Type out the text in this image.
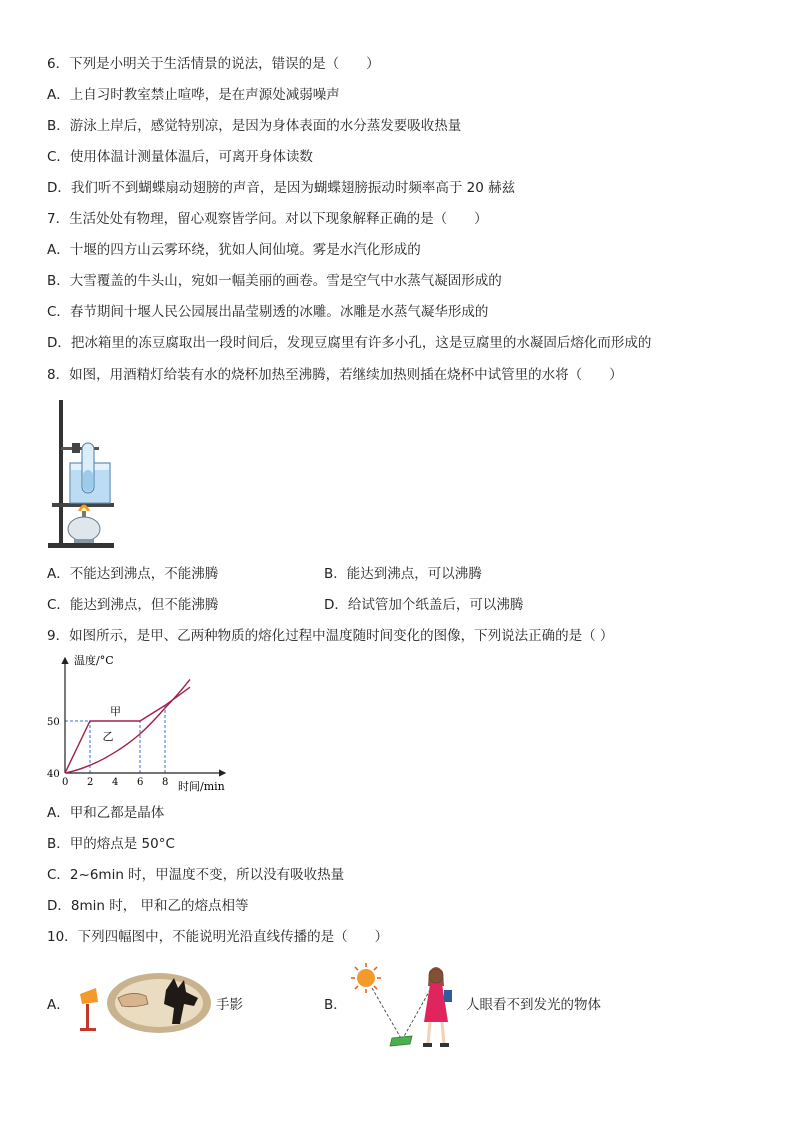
6．下列是小明关于生活情景的说法，错误的是（　　）
A．上自习时教室禁止喧哗，是在声源处减弱噪声
B．游泳上岸后，感觉特别凉，是因为身体表面的水分蒸发要吸收热量
C．使用体温计测量体温后，可离开身体读数
D．我们听不到蝴蝶扇动翅膀的声音，是因为蝴蝶翅膀振动时频率高于 20 赫兹
7．生活处处有物理，留心观察皆学问。对以下现象解释正确的是（　　）
A．十堰的四方山云雾环绕，犹如人间仙境。雾是水汽化形成的
B．大雪覆盖的牛头山，宛如一幅美丽的画卷。雪是空气中水蒸气凝固形成的
C．春节期间十堰人民公园展出晶莹剔透的冰雕。冰雕是水蒸气凝华形成的
D．把冰箱里的冻豆腐取出一段时间后，发现豆腐里有许多小孔，这是豆腐里的水凝固后熔化而形成的
8．如图，用酒精灯给装有水的烧杯加热至沸腾，若继续加热则插在烧杯中试管里的水将（　　）
A．不能达到沸点，不能沸腾	B．能达到沸点，可以沸腾
C．能达到沸点，但不能沸腾	D．给试管加个纸盖后，可以沸腾
9．如图所示，是甲、乙两种物质的熔化过程中温度随时间变化的图像，下列说法正确的是（ ）
温度/°C
时间/min
0 2 4 6 8
40
50
甲
乙
A．甲和乙都是晶体
B．甲的熔点是 50°C
C．2~6min 时，甲温度不变，所以没有吸收热量
D．8min 时， 甲和乙的熔点相等
10．下列四幅图中，不能说明光沿直线传播的是（　　）
A．	手影	B．	人眼看不到发光的物体
